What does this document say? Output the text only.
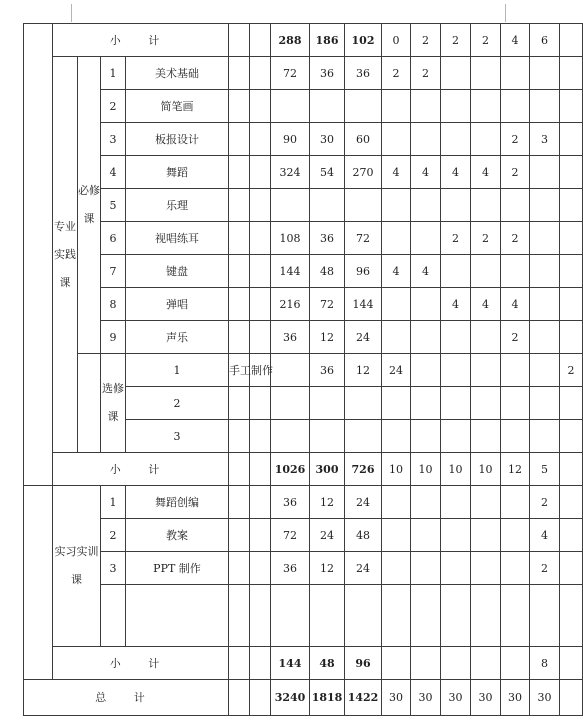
	小 计						288	186	102	0	2	2	2	4	6		
	专业实践课	必修课	1	美术基础			72	36	36	2	2						
			2	简笔画													
			3	板报设计			90	30	60					2	3		
			4	舞蹈			324	54	270	4	4	4	4	2			
			5	乐理													
			6	视唱练耳			108	36	72			2	2	2			
			7	键盘			144	48	96	4	4						
			8	弹唱			216	72	144			4	4	4			
			9	声乐			36	12	24					2			
			选修课	1	手工制作			36	12	24						2	
				2													
				3													
	小 计						1026	300	726	10	10	10	10	12	5		
	实习实训课		1	舞蹈创编			36	12	24						2		
			2	教案			72	24	48						4		
			3	PPT 制作			36	12	24						2		

	小 计						144	48	96						8		
总 计							3240	1818	1422	30	30	30	30	30	30		
